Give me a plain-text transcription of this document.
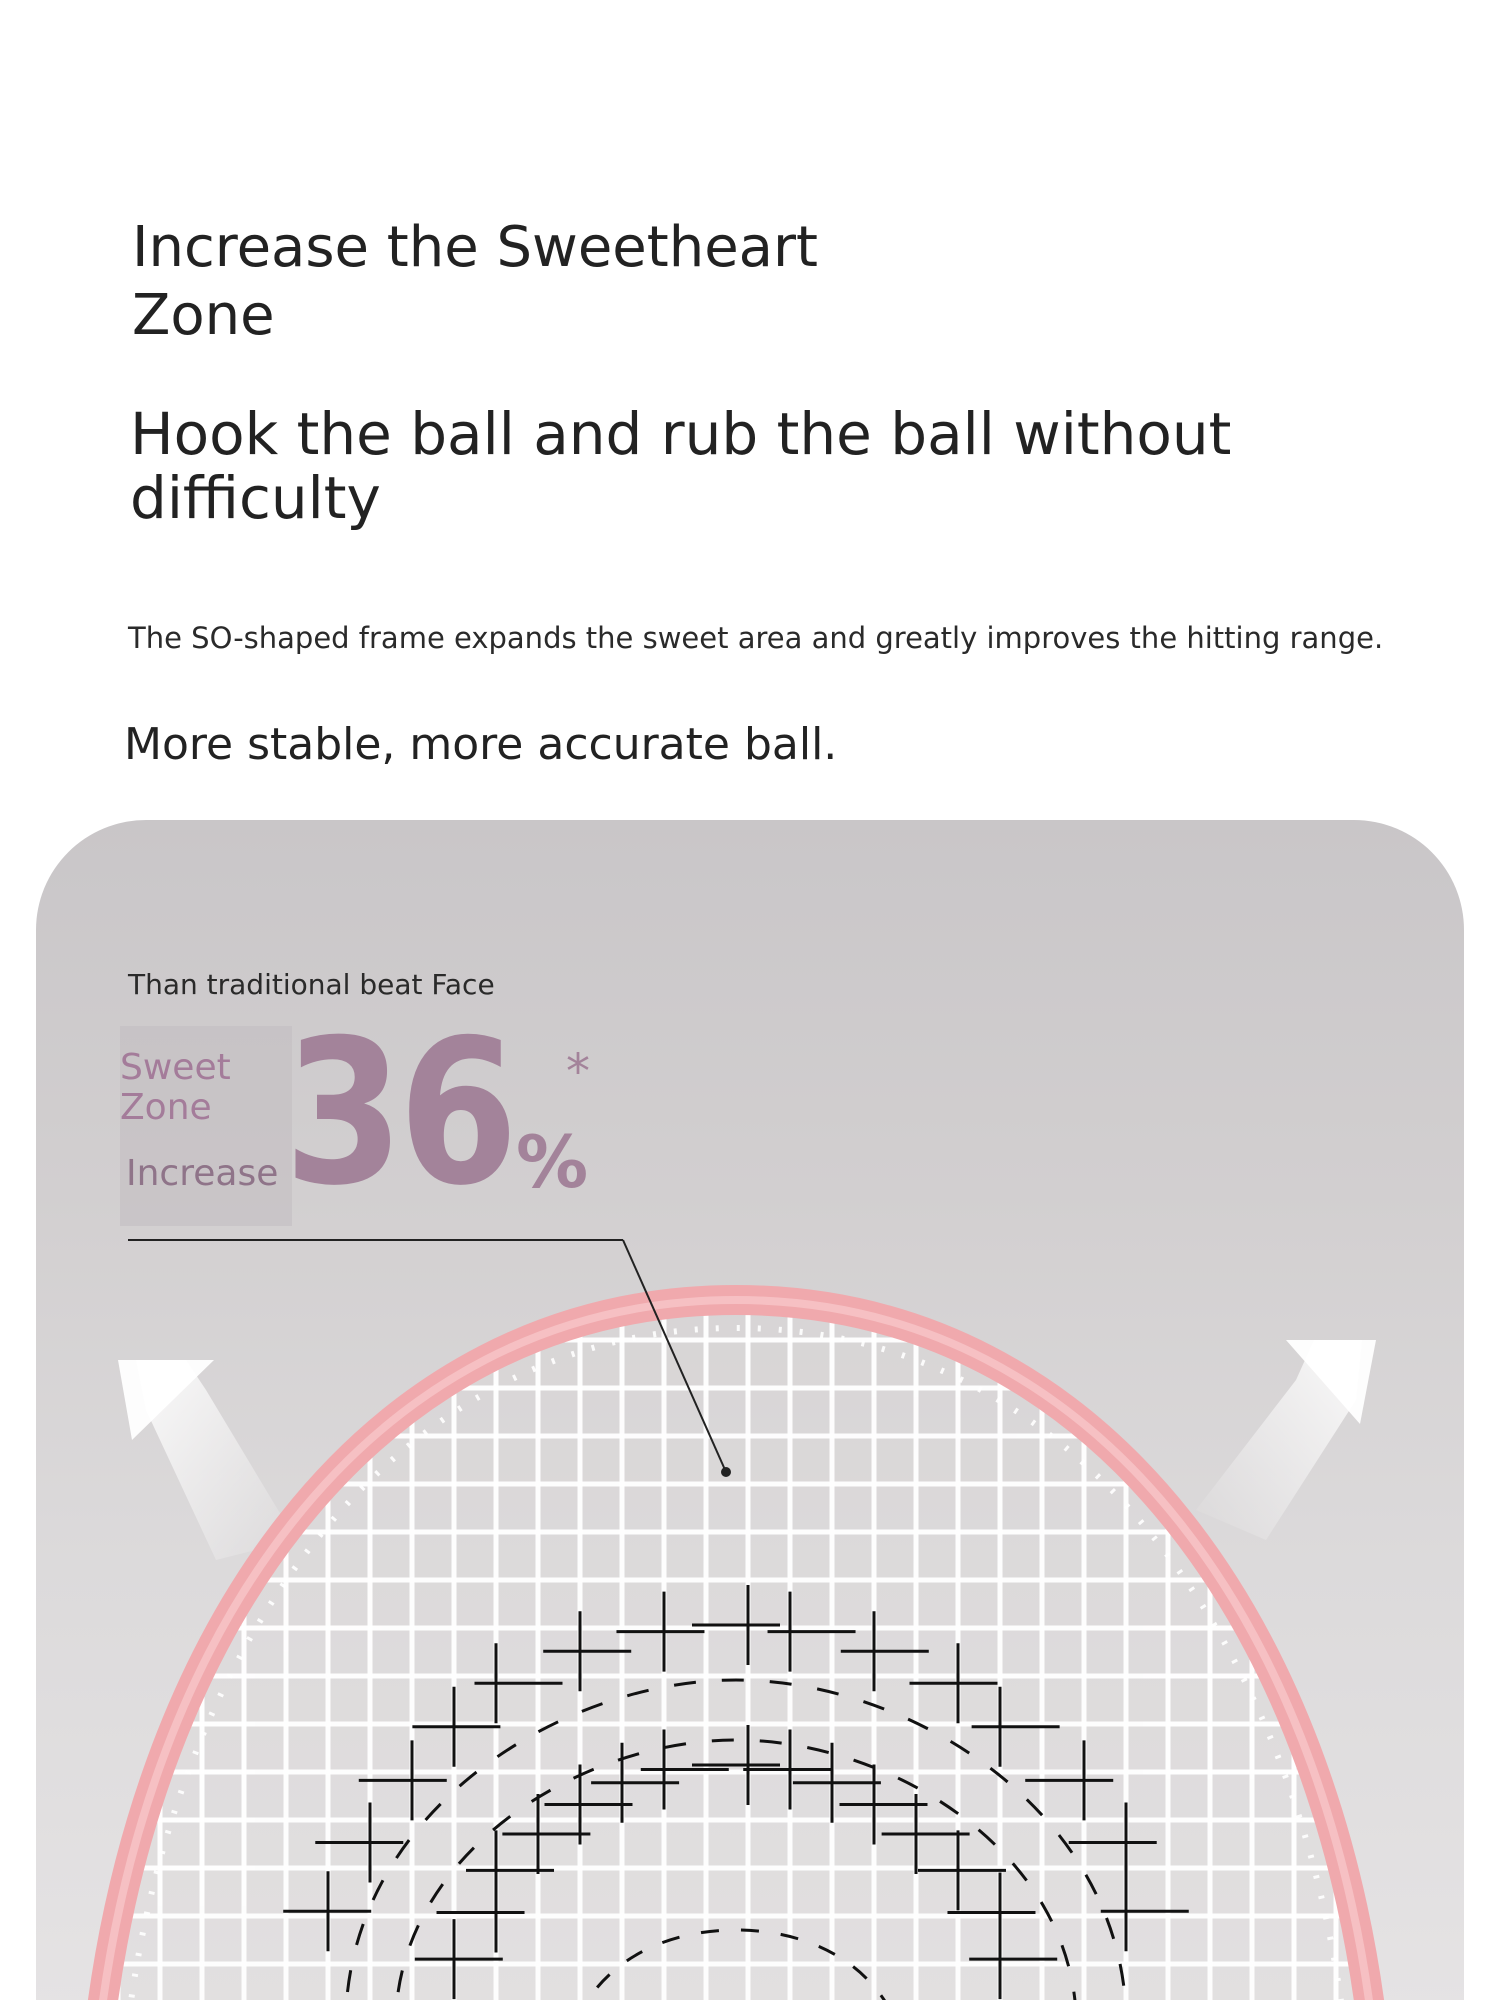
Increase the Sweetheart Zone
Hook the ball and rub the ball without difficulty

The SO-shaped frame expands the sweet area and greatly improves the hitting range.

More stable, more accurate ball.

Than traditional beat Face
Sweet
Zone
Increase 36 %
*
